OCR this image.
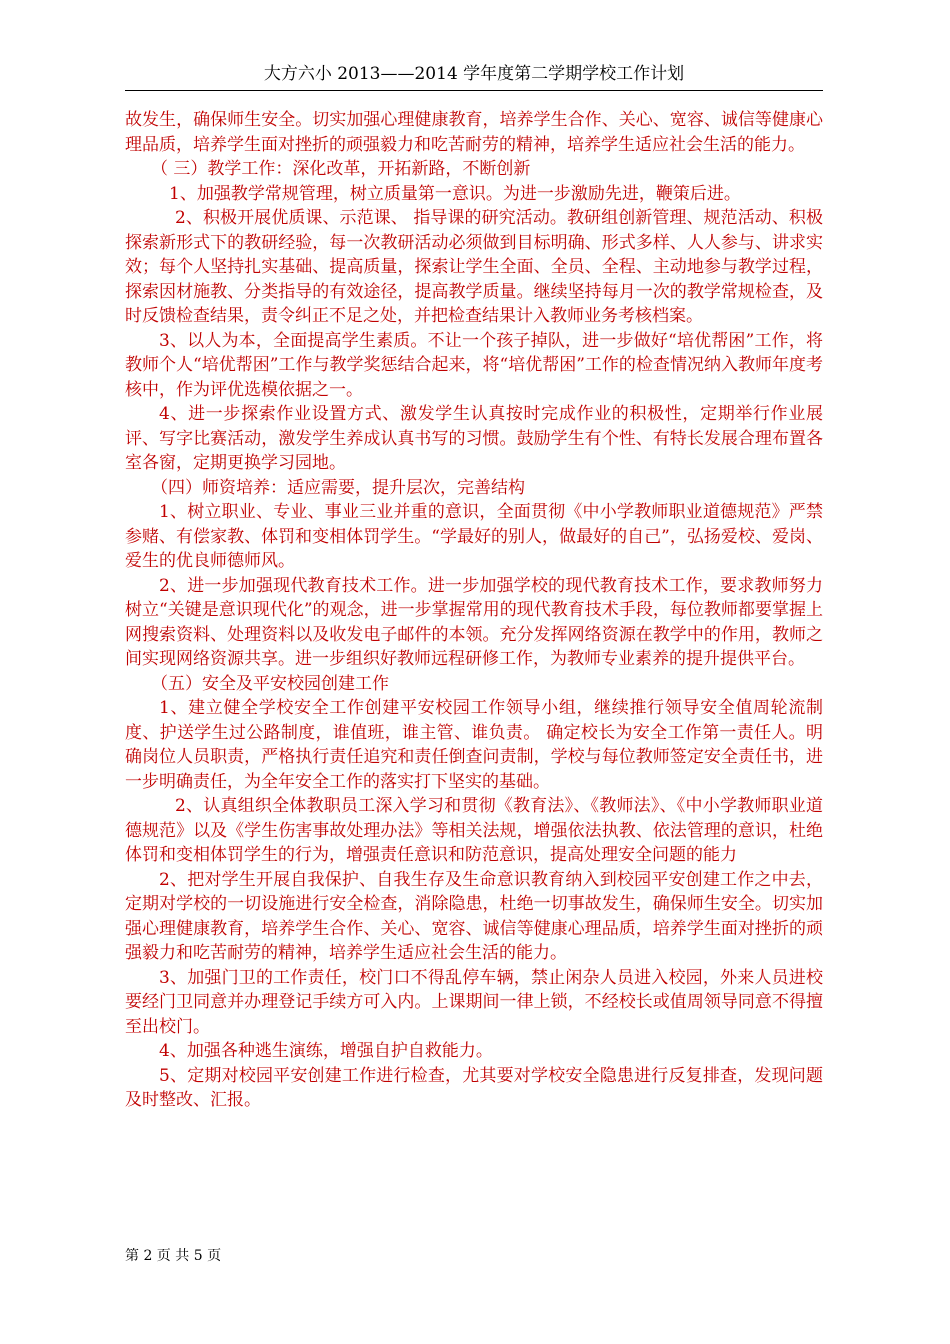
大方六小 2013——2014 学年度第二学期学校工作计划

故发生，确保师生安全。切实加强心理健康教育，培养学生合作、关心、宽容、诚信等健康心理品质，培养学生面对挫折的顽强毅力和吃苦耐劳的精神，培养学生适应社会生活的能力。

（ 三）教学工作：深化改革，开拓新路，不断创新

1、加强教学常规管理，树立质量第一意识。为进一步激励先进，鞭策后进。

2、积极开展优质课、示范课、 指导课的研究活动。教研组创新管理、规范活动、积极探索新形式下的教研经验，每一次教研活动必须做到目标明确、形式多样、人人参与、讲求实效；每个人坚持扎实基础、提高质量，探索让学生全面、全员、全程、主动地参与教学过程，探索因材施教、分类指导的有效途径，提高教学质量。继续坚持每月一次的教学常规检查，及时反馈检查结果，责令纠正不足之处，并把检查结果计入教师业务考核档案。

3、以人为本，全面提高学生素质。不让一个孩子掉队，进一步做好“培优帮困”工作，将教师个人“培优帮困”工作与教学奖惩结合起来，将“培优帮困”工作的检查情况纳入教师年度考核中，作为评优选模依据之一。

4、进一步探索作业设置方式、激发学生认真按时完成作业的积极性，定期举行作业展评、写字比赛活动，激发学生养成认真书写的习惯。鼓励学生有个性、有特长发展合理布置各室各窗，定期更换学习园地。

（四）师资培养：适应需要，提升层次，完善结构

1、树立职业、专业、事业三业并重的意识，全面贯彻《中小学教师职业道德规范》严禁参赌、有偿家教、体罚和变相体罚学生。“学最好的别人，做最好的自己”，弘扬爱校、爱岗、爱生的优良师德师风。

2、进一步加强现代教育技术工作。进一步加强学校的现代教育技术工作，要求教师努力树立“关键是意识现代化”的观念，进一步掌握常用的现代教育技术手段，每位教师都要掌握上网搜索资料、处理资料以及收发电子邮件的本领。充分发挥网络资源在教学中的作用，教师之间实现网络资源共享。进一步组织好教师远程研修工作，为教师专业素养的提升提供平台。

（五）安全及平安校园创建工作

1、建立健全学校安全工作创建平安校园工作领导小组，继续推行领导安全值周轮流制度、护送学生过公路制度，谁值班，谁主管、谁负责。 确定校长为安全工作第一责任人。明确岗位人员职责，严格执行责任追究和责任倒查问责制，学校与每位教师签定安全责任书，进一步明确责任，为全年安全工作的落实打下坚实的基础。

2、认真组织全体教职员工深入学习和贯彻《教育法》、《教师法》、《中小学教师职业道德规范》以及《学生伤害事故处理办法》等相关法规，增强依法执教、依法管理的意识，杜绝体罚和变相体罚学生的行为，增强责任意识和防范意识，提高处理安全问题的能力

2、把对学生开展自我保护、自我生存及生命意识教育纳入到校园平安创建工作之中去，定期对学校的一切设施进行安全检查，消除隐患，杜绝一切事故发生，确保师生安全。切实加强心理健康教育，培养学生合作、关心、宽容、诚信等健康心理品质，培养学生面对挫折的顽强毅力和吃苦耐劳的精神，培养学生适应社会生活的能力。

3、加强门卫的工作责任，校门口不得乱停车辆，禁止闲杂人员进入校园，外来人员进校要经门卫同意并办理登记手续方可入内。上课期间一律上锁，不经校长或值周领导同意不得擅至出校门。

4、加强各种逃生演练，增强自护自救能力。

5、定期对校园平安创建工作进行检查，尤其要对学校安全隐患进行反复排查，发现问题及时整改、汇报。

第 2 页 共 5 页
